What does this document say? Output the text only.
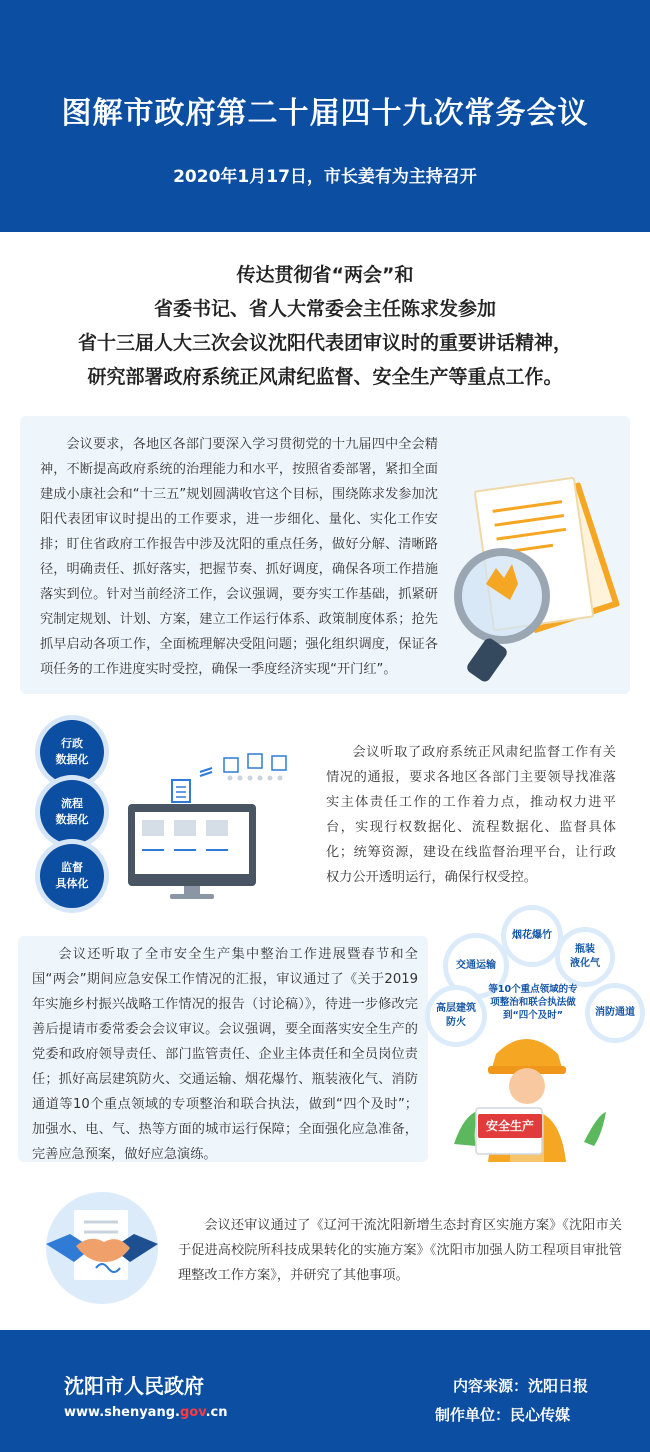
图解市政府第二十届四十九次常务会议
2020年1月17日，市长姜有为主持召开
传达贯彻省“两会”和
省委书记、省人大常委会主任陈求发参加
省十三届人大三次会议沈阳代表团审议时的重要讲话精神，
研究部署政府系统正风肃纪监督、安全生产等重点工作。

会议要求，各地区各部门要深入学习贯彻党的十九届四中全会精神，不断提高政府系统的治理能力和水平，按照省委部署，紧扣全面建成小康社会和“十三五”规划圆满收官这个目标，围绕陈求发参加沈阳代表团审议时提出的工作要求，进一步细化、量化、实化工作安排；盯住省政府工作报告中涉及沈阳的重点任务，做好分解、清晰路径，明确责任、抓好落实，把握节奏、抓好调度，确保各项工作措施落实到位。针对当前经济工作，会议强调，要夯实工作基础，抓紧研究制定规划、计划、方案，建立工作运行体系、政策制度体系；抢先抓早启动各项工作，全面梳理解决受阻问题；强化组织调度，保证各项任务的工作进度实时受控，确保一季度经济实现“开门红”。

行政
数据化
流程
数据化
监督
具体化

会议听取了政府系统正风肃纪监督工作有关情况的通报，要求各地区各部门主要领导找准落实主体责任工作的工作着力点，推动权力进平台，实现行权数据化、流程数据化、监督具体化；统筹资源，建设在线监督治理平台，让行政权力公开透明运行，确保行权受控。

会议还听取了全市安全生产集中整治工作进展暨春节和全国“两会”期间应急安保工作情况的汇报，审议通过了《关于2019年实施乡村振兴战略工作情况的报告（讨论稿）》，待进一步修改完善后提请市委常委会会议审议。会议强调，要全面落实安全生产的党委和政府领导责任、部门监管责任、企业主体责任和全员岗位责任；抓好高层建筑防火、交通运输、烟花爆竹、瓶装液化气、消防通道等10个重点领域的专项整治和联合执法，做到“四个及时”；加强水、电、气、热等方面的城市运行保障；全面强化应急准备，完善应急预案，做好应急演练。

烟花爆竹
交通运输
瓶装
液化气
高层建筑
防火
消防通道
等10个重点领域的专项整治和联合执法做到“四个及时”
安全生产

会议还审议通过了《辽河干流沈阳新增生态封育区实施方案》《沈阳市关于促进高校院所科技成果转化的实施方案》《沈阳市加强人防工程项目审批管理整改工作方案》，并研究了其他事项。

沈阳市人民政府
www.shenyang.gov.cn
内容来源：沈阳日报
制作单位：民心传媒
